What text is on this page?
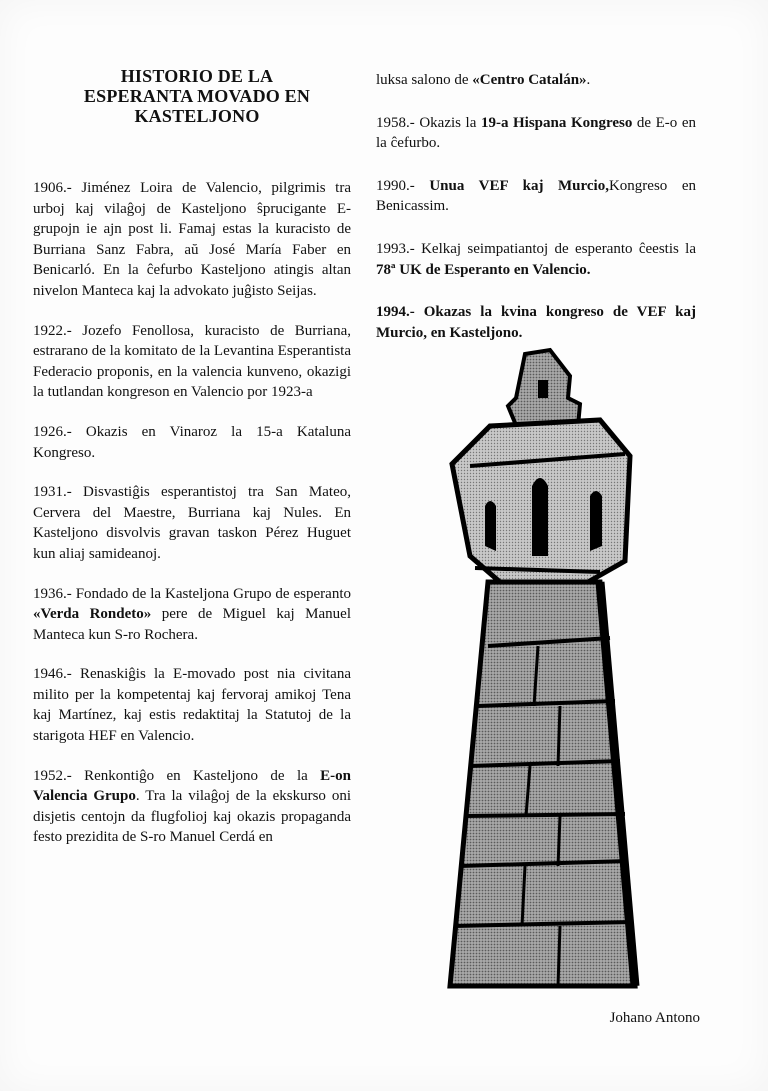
HISTORIO DE LA
ESPERANTA MOVADO EN
KASTELJONO

1906.- Jiménez Loira de Valencio, pilgrimis tra urboj kaj vilaĝoj de Kasteljono ŝprucigante E-grupojn ie ajn post li. Famaj estas la kuracisto de Burriana Sanz Fabra, aŭ José María Faber en Benicarló. En la ĉefurbo Kasteljono atingis altan nivelon Manteca kaj la advokato juĝisto Seijas.

1922.- Jozefo Fenollosa, kuracisto de Burriana, estrarano de la komitato de la Levantina Esperantista Federacio proponis, en la valencia kunveno, okazigi la tutlandan kongreson en Valencio por 1923-a

1926.- Okazis en Vinaroz la 15-a Kataluna Kongreso.

1931.- Disvastiĝis esperantistoj tra San Mateo, Cervera del Maestre, Burriana kaj Nules. En Kasteljono disvolvis gravan taskon Pérez Huguet kun aliaj samideanoj.

1936.- Fondado de la Kasteljona Grupo de esperanto «Verda Rondeto» pere de Miguel kaj Manuel Manteca kun S-ro Rochera.

1946.- Renaskiĝis la E-movado post nia civitana milito per la kompetentaj kaj fervoraj amikoj Tena kaj Martínez, kaj estis redaktitaj la Statutoj de la starigota HEF en Valencio.

1952.- Renkontiĝo en Kasteljono de la E-on Valencia Grupo. Tra la vilaĝoj de la ekskurso oni disjetis centojn da flugfolioj kaj okazis propaganda festo prezidita de S-ro Manuel Cerdá en

luksa salono de «Centro Catalán».

1958.- Okazis la 19-a Hispana Kongreso de E-o en la ĉefurbo.

1990.- Unua VEF kaj Murcio,Kongreso en Benicassim.

1993.- Kelkaj seimpatiantoj de esperanto ĉeestis la 78ª UK de Esperanto en Valencio.

1994.- Okazas la kvina kongreso de VEF kaj Murcio, en Kasteljono.

Johano Antono
